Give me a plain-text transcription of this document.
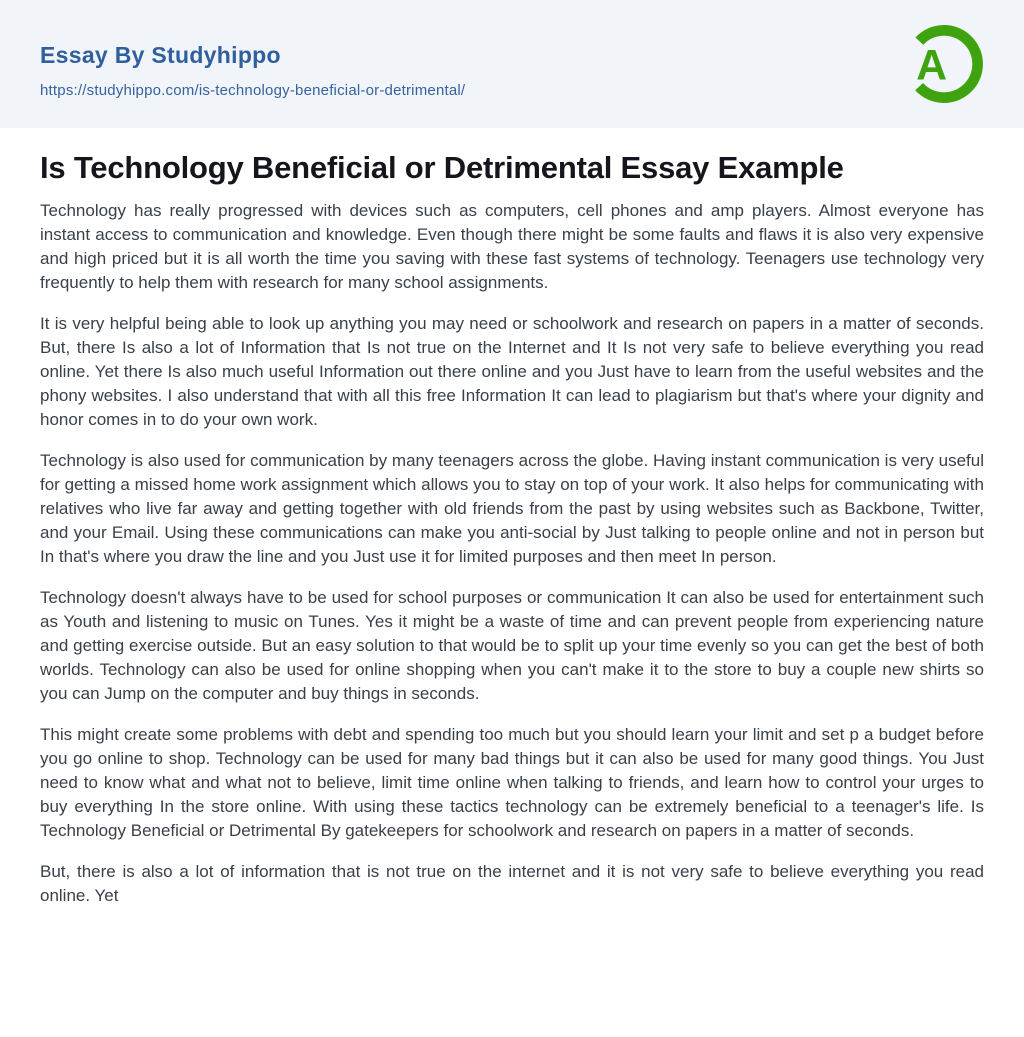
Essay By Studyhippo
https://studyhippo.com/is-technology-beneficial-or-detrimental/
A
Is Technology Beneficial or Detrimental Essay Example

Technology has really progressed with devices such as computers, cell phones and amp players. Almost everyone has instant access to communication and knowledge. Even though there might be some faults and flaws it is also very expensive and high priced but it is all worth the time you saving with these fast systems of technology. Teenagers use technology very frequently to help them with research for many school assignments.

It is very helpful being able to look up anything you may need or schoolwork and research on papers in a matter of seconds. But, there Is also a lot of Information that Is not true on the Internet and It Is not very safe to believe everything you read online. Yet there Is also much useful Information out there online and you Just have to learn from the useful websites and the phony websites. I also understand that with all this free Information It can lead to plagiarism but that's where your dignity and honor comes in to do your own work.

Technology is also used for communication by many teenagers across the globe. Having instant communication is very useful for getting a missed home work assignment which allows you to stay on top of your work. It also helps for communicating with relatives who live far away and getting together with old friends from the past by using websites such as Backbone, Twitter, and your Email. Using these communications can make you anti-social by Just talking to people online and not in person but In that's where you draw the line and you Just use it for limited purposes and then meet In person.

Technology doesn't always have to be used for school purposes or communication It can also be used for entertainment such as Youth and listening to music on Tunes. Yes it might be a waste of time and can prevent people from experiencing nature and getting exercise outside. But an easy solution to that would be to split up your time evenly so you can get the best of both worlds. Technology can also be used for online shopping when you can't make it to the store to buy a couple new shirts so you can Jump on the computer and buy things in seconds.

This might create some problems with debt and spending too much but you should learn your limit and set p a budget before you go online to shop. Technology can be used for many bad things but it can also be used for many good things. You Just need to know what and what not to believe, limit time online when talking to friends, and learn how to control your urges to buy everything In the store online. With using these tactics technology can be extremely beneficial to a teenager's life. Is Technology Beneficial or Detrimental By gatekeepers for schoolwork and research on papers in a matter of seconds.

But, there is also a lot of information that is not true on the internet and it is not very safe to believe everything you read online. Yet
